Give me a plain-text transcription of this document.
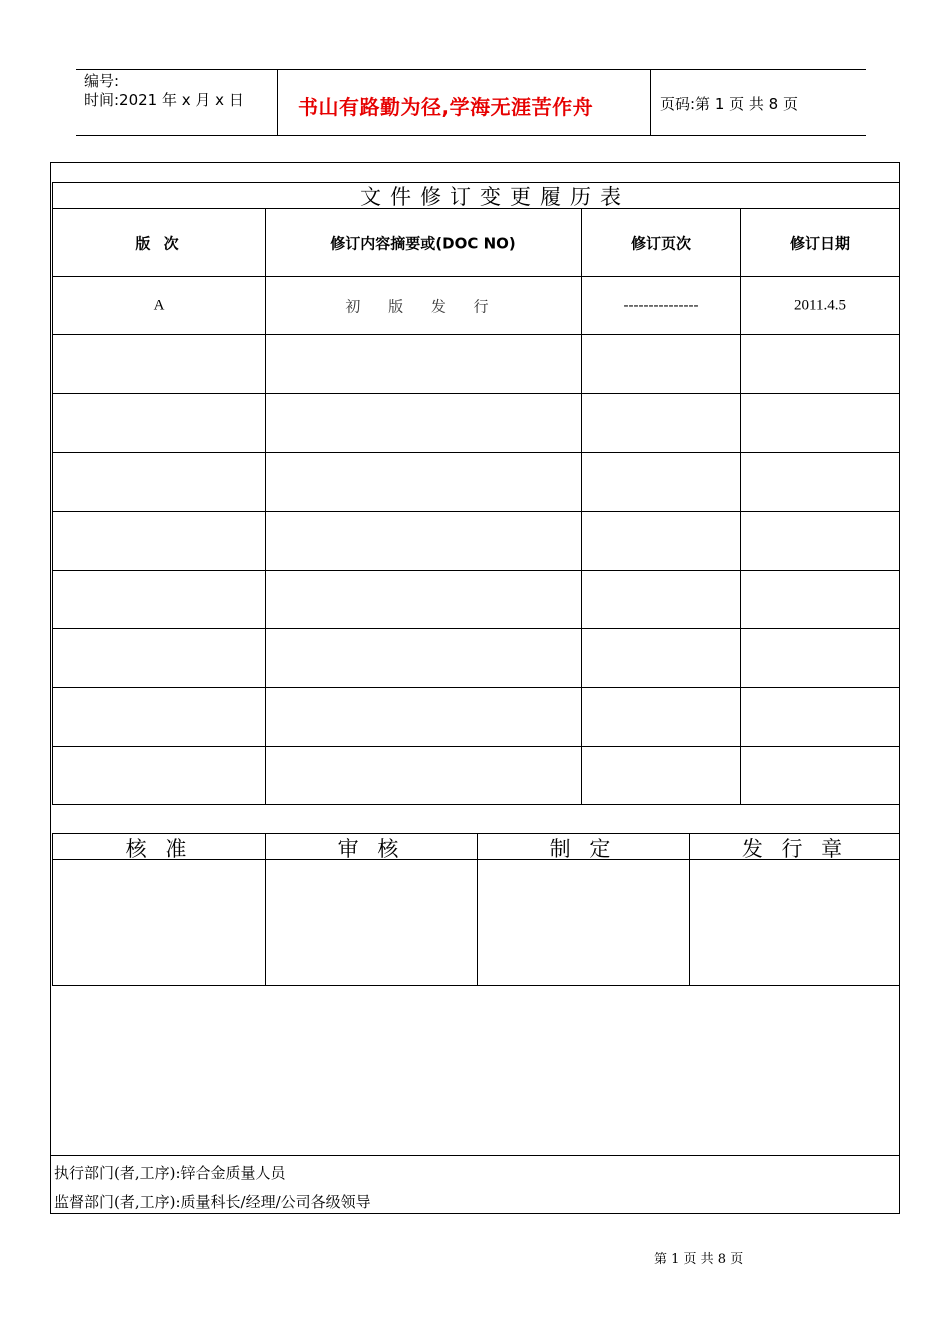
编号:
时间:2021 年 x 月 x 日	书山有路勤为径,学海无涯苦作舟	页码:第 1 页 共 8 页
文件修订变更履历表
版 次	修订内容摘要或(DOC NO)	修订页次	修订日期
A	初 版 发 行	---------------	2011.4.5
核 准	审 核	制 定	发 行 章
执行部门(者,工序):锌合金质量人员
监督部门(者,工序):质量科长/经理/公司各级领导
第 1 页 共 8 页
